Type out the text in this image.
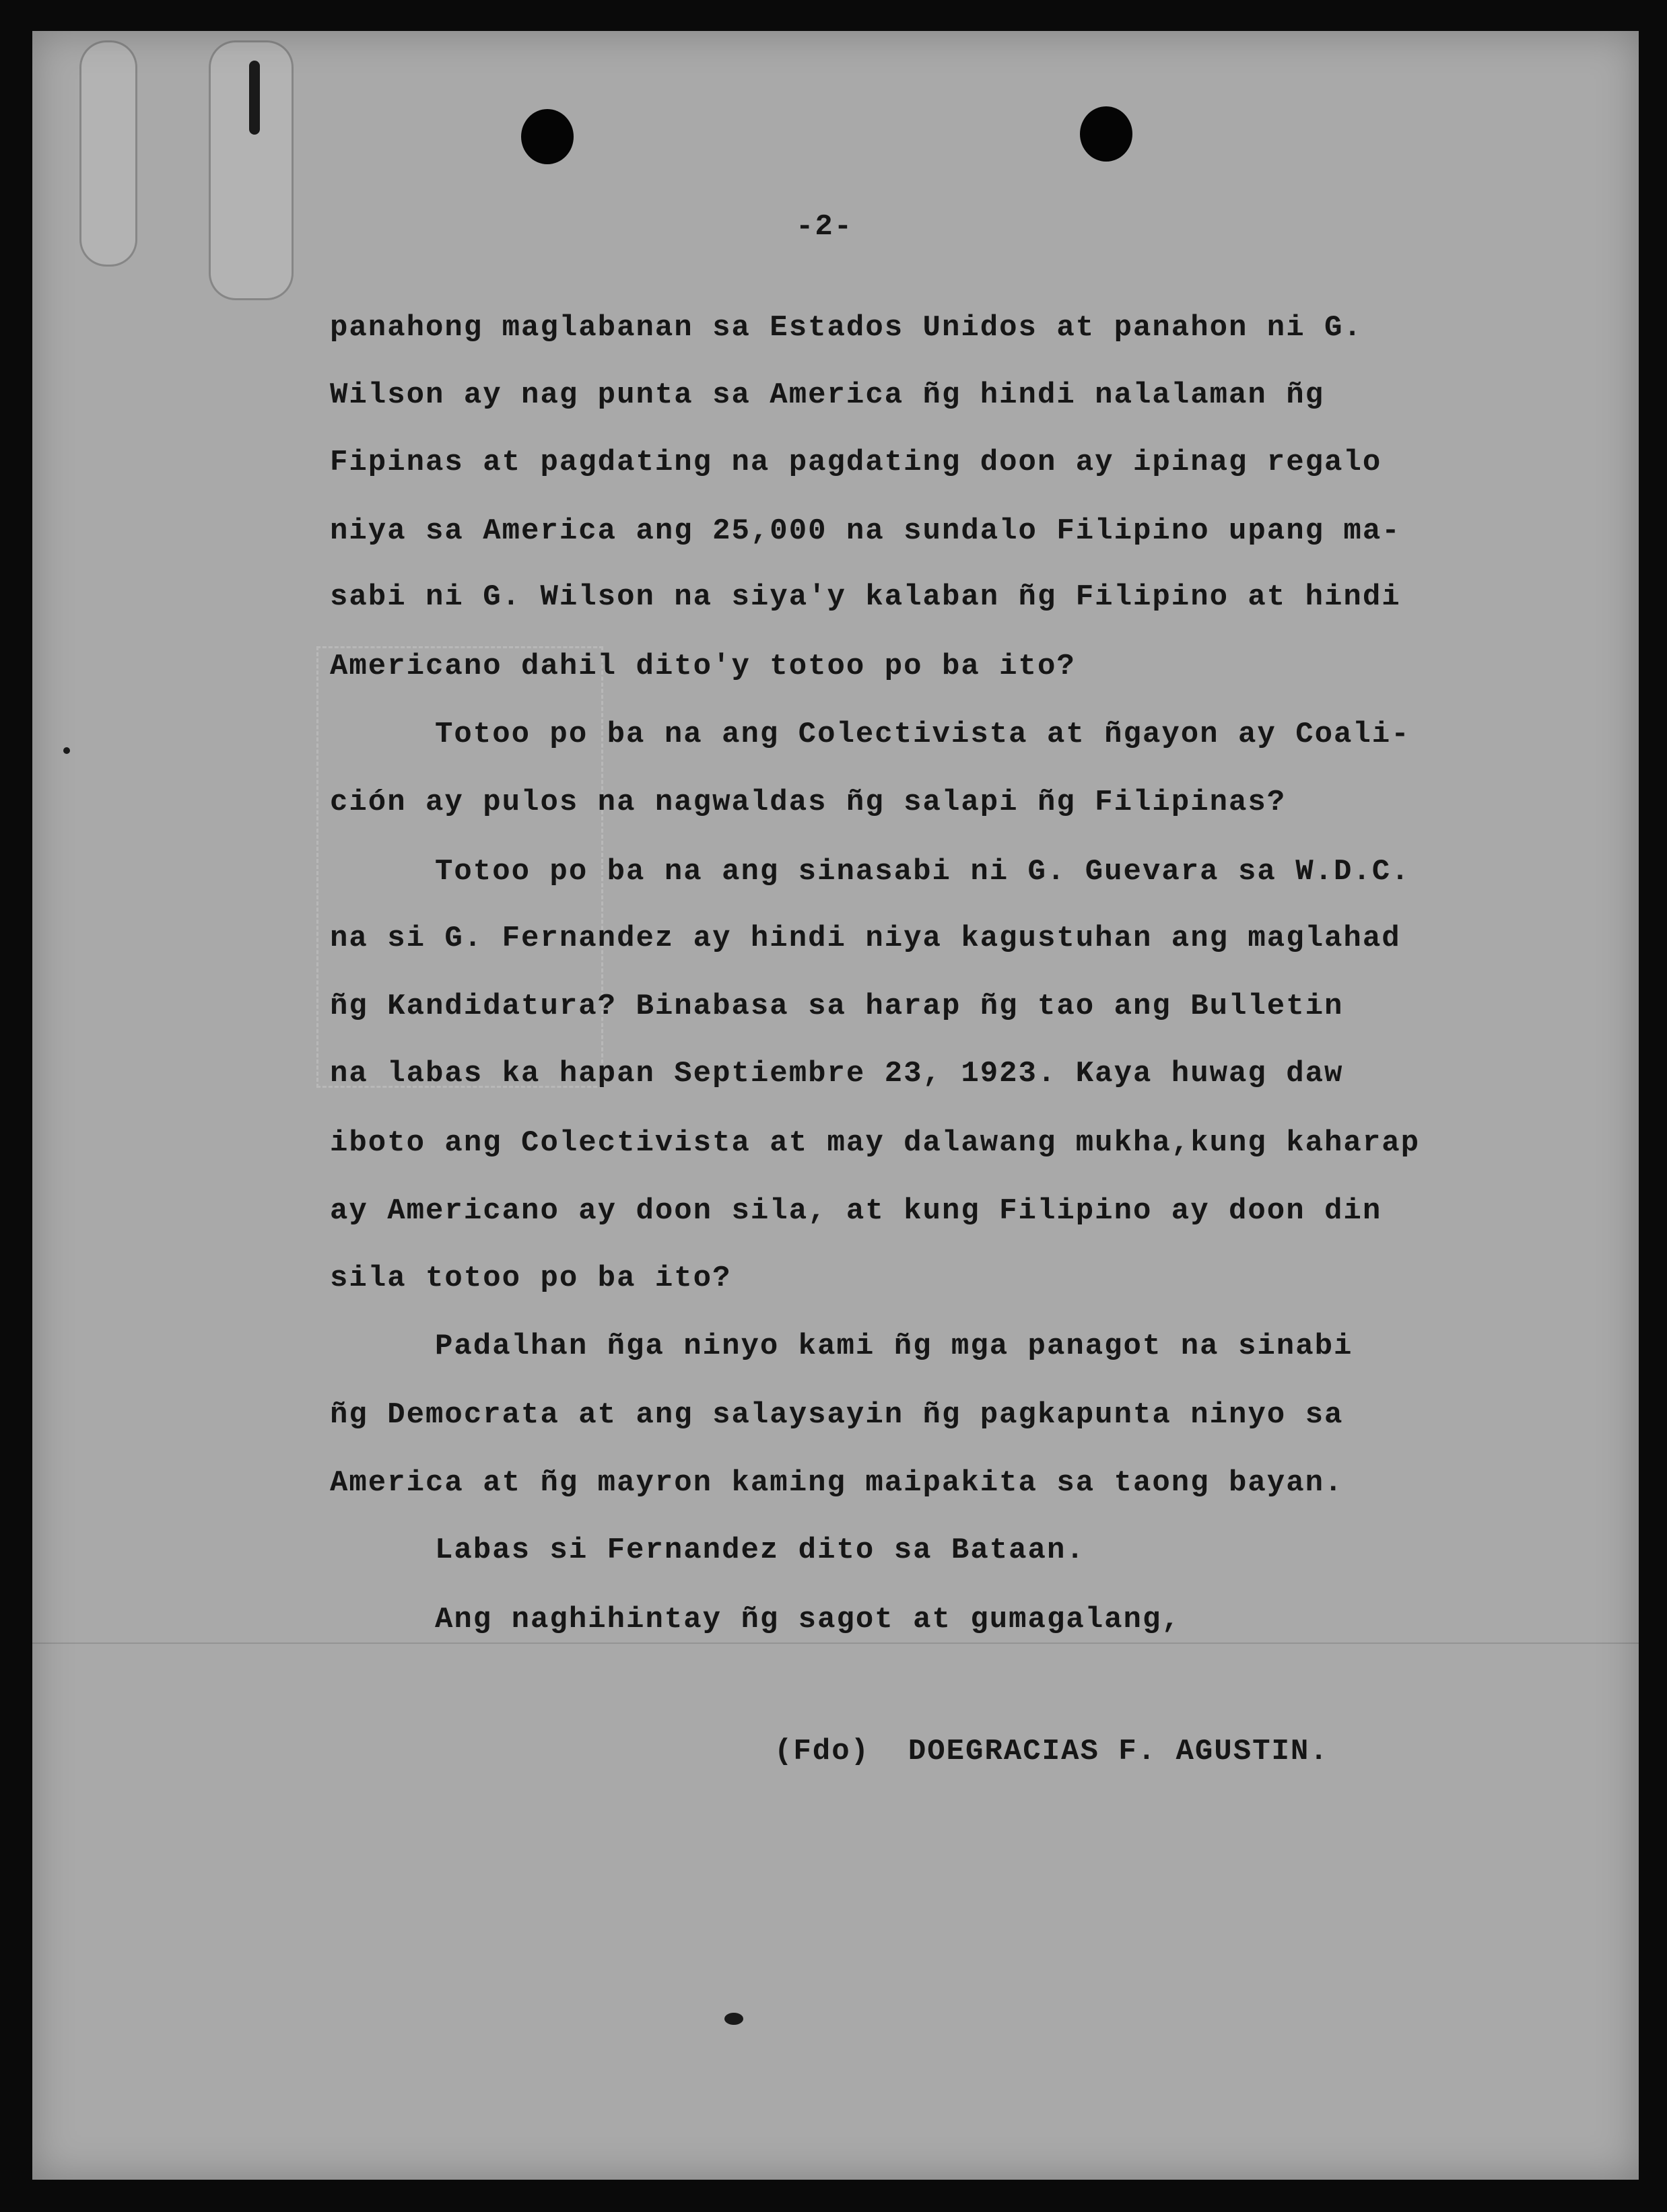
-2-
panahong maglabanan sa Estados Unidos at panahon ni G.
Wilson ay nag punta sa America ñg hindi nalalaman ñg
Fipinas at pagdating na pagdating doon ay ipinag regalo
niya sa America ang 25,000 na sundalo Filipino upang ma-
sabi ni G. Wilson na siya'y kalaban ñg Filipino at hindi
Americano dahil dito'y totoo po ba ito?
Totoo po ba na ang Colectivista at ñgayon ay Coali-
ción ay pulos na nagwaldas ñg salapi ñg Filipinas?
Totoo po ba na ang sinasabi ni G. Guevara sa W.D.C.
na si G. Fernandez ay hindi niya kagustuhan ang maglahad
ñg Kandidatura? Binabasa sa harap ñg tao ang Bulletin
na labas ka hapan Septiembre 23, 1923. Kaya huwag daw
iboto ang Colectivista at may dalawang mukha,kung kaharap
ay Americano ay doon sila, at kung Filipino ay doon din
sila totoo po ba ito?
Padalhan ñga ninyo kami ñg mga panagot na sinabi
ñg Democrata at ang salaysayin ñg pagkapunta ninyo sa
America at ñg mayron kaming maipakita sa taong bayan.
Labas si Fernandez dito sa Bataan.
Ang naghihintay ñg sagot at gumagalang,
(Fdo)  DOEGRACIAS F. AGUSTIN.
